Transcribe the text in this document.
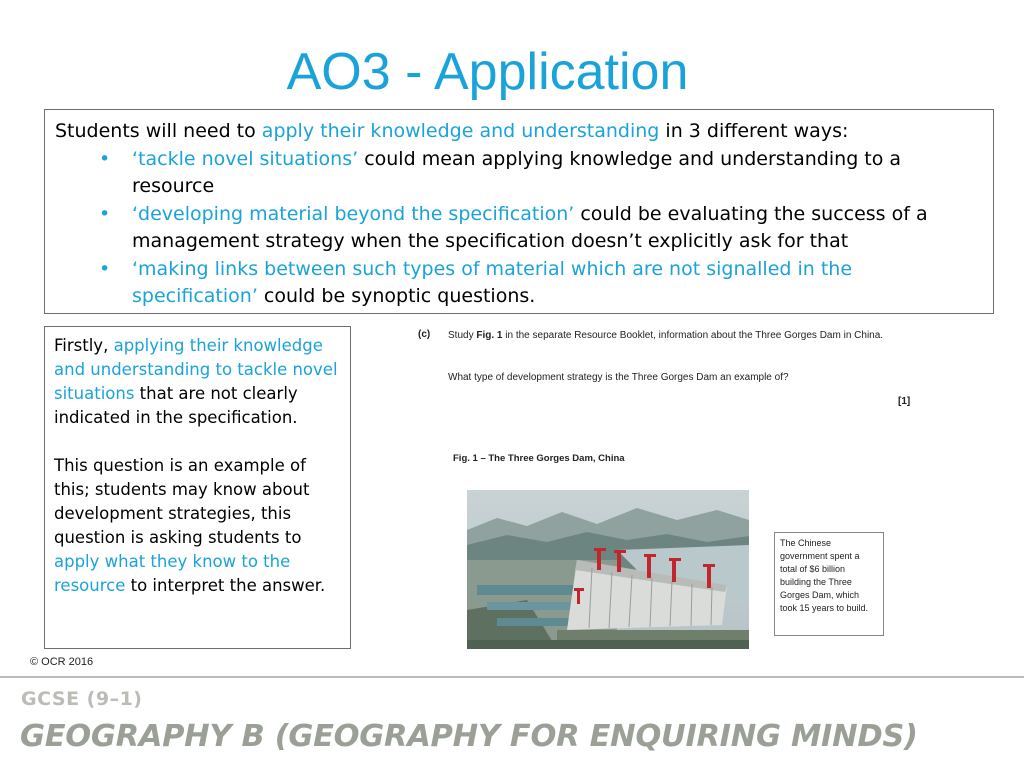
AO3 - Application
Students will need to apply their knowledge and understanding in 3 different ways:
• ‘tackle novel situations’ could mean applying knowledge and understanding to a resource
• ‘developing material beyond the specification’ could be evaluating the success of a management strategy when the specification doesn’t explicitly ask for that
• ‘making links between such types of material which are not signalled in the specification’ could be synoptic questions.

Firstly, applying their knowledge and understanding to tackle novel situations that are not clearly indicated in the specification.

This question is an example of this; students may know about development strategies, this question is asking students to apply what they know to the resource to interpret the answer.

(c) Study Fig. 1 in the separate Resource Booklet, information about the Three Gorges Dam in China.
What type of development strategy is the Three Gorges Dam an example of?
[1]
Fig. 1 – The Three Gorges Dam, China
The Chinese government spent a total of $6 billion building the Three Gorges Dam, which took 15 years to build.
© OCR 2016
GCSE (9–1)
GEOGRAPHY B (GEOGRAPHY FOR ENQUIRING MINDS)
